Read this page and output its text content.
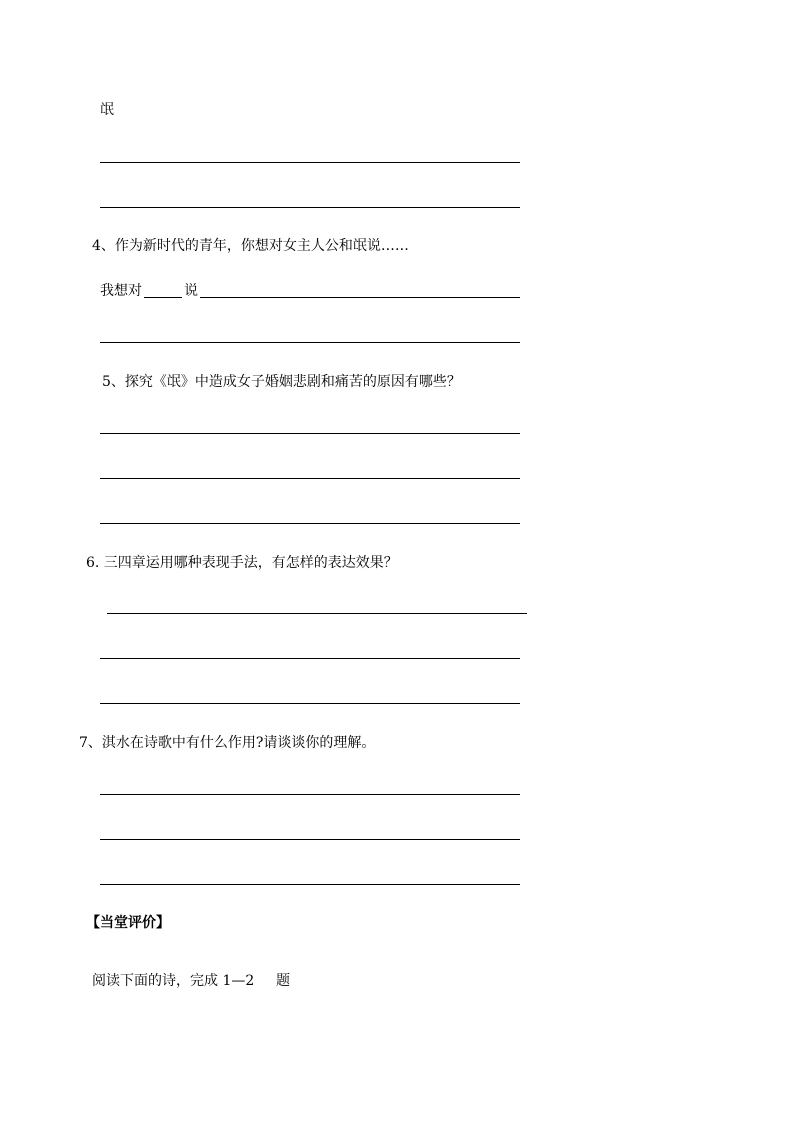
氓

4、作为新时代的青年，你想对女主人公和氓说……

我想对	说

5、探究《氓》中造成女子婚姻悲剧和痛苦的原因有哪些？

6. 三四章运用哪种表现手法，有怎样的表达效果？

7、淇水在诗歌中有什么作用?请谈谈你的理解。

【当堂评价】

阅读下面的诗，完成 1—2 题
